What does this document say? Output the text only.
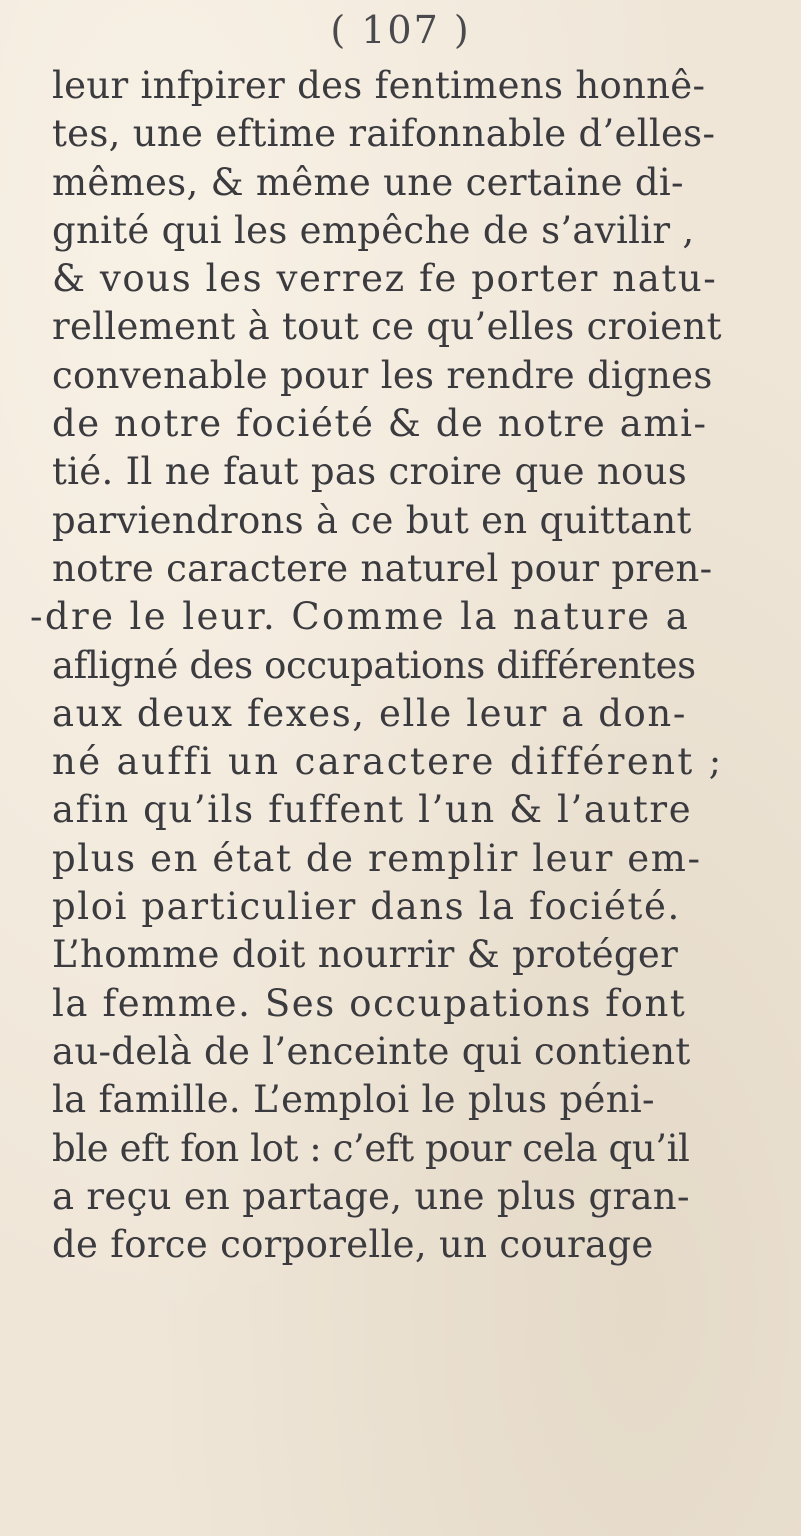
( 107 )
leur infpirer des fentimens honnê-
tes, une eftime raifonnable d’elles-
mêmes, & même une certaine di-
gnité qui les empêche de s’avilir ,
& vous les verrez fe porter natu-
rellement à tout ce qu’elles croient
convenable pour les rendre dignes
de notre fociété & de notre ami-
tié. Il ne faut pas croire que nous
parviendrons à ce but en quittant
notre caractere naturel pour pren-
-dre le leur. Comme la nature a
afligné des occupations différentes
aux deux fexes, elle leur a don-
né auffi un caractere différent ;
afin qu’ils fuffent l’un & l’autre
plus en état de remplir leur em-
ploi particulier dans la fociété.
L’homme doit nourrir & protéger
la femme. Ses occupations font
au-delà de l’enceinte qui contient
la famille. L’emploi le plus péni-
ble eft fon lot : c’eft pour cela qu’il
a reçu en partage, une plus gran-
de force corporelle, un courage
